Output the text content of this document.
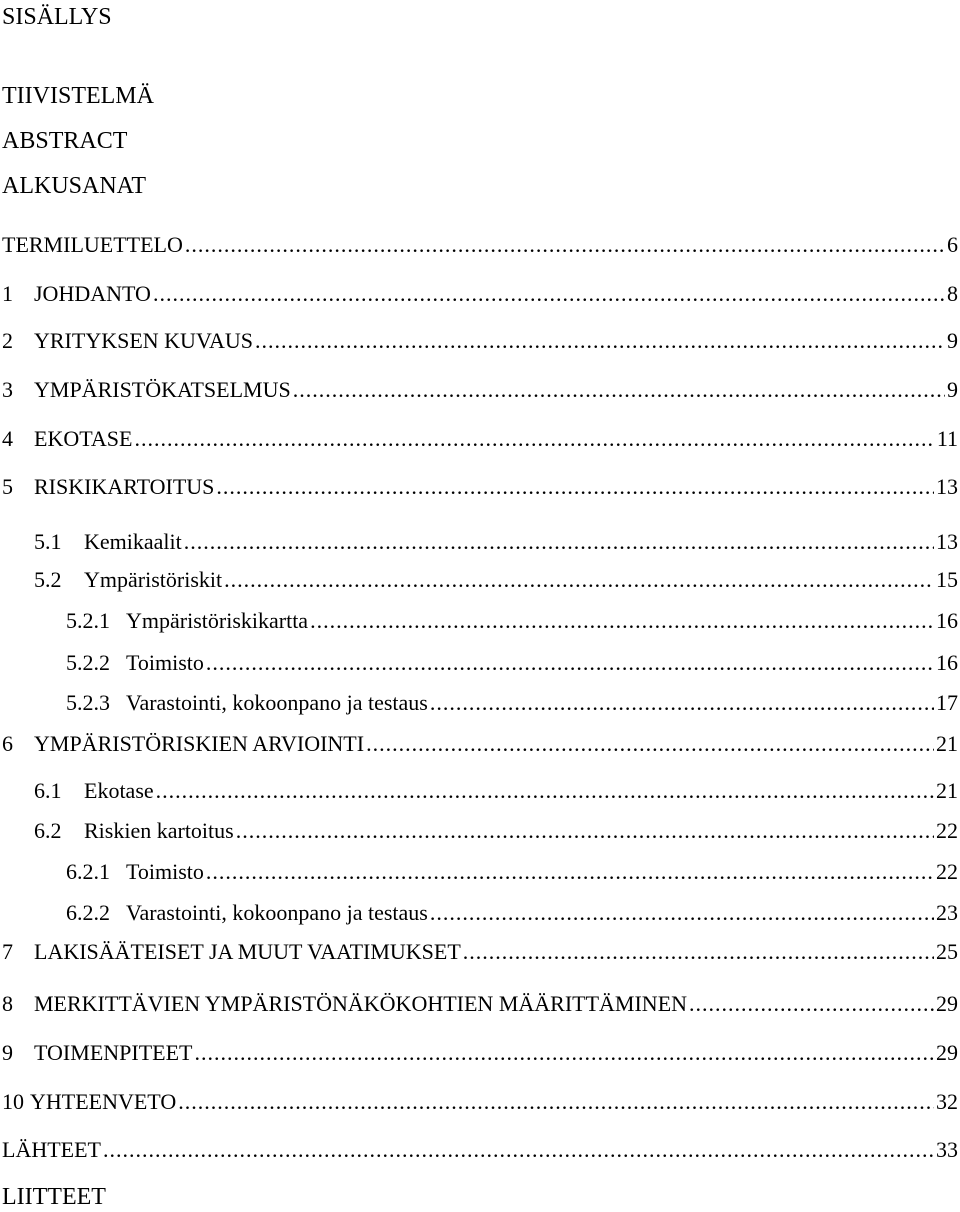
SISÄLLYS
TIIVISTELMÄ
ABSTRACT
ALKUSANAT
TERMILUETTELO .....	6
1 JOHDANTO .....	8
2 YRITYKSEN KUVAUS .....	9
3 YMPÄRISTÖKATSELMUS .....	9
4 EKOTASE .....	11
5 RISKIKARTOITUS .....	13
5.1	Kemikaalit .....	13
5.2	Ympäristöriskit .....	15
5.2.1 Ympäristöriskikartta .....	16
5.2.2 Toimisto .....	16
5.2.3 Varastointi, kokoonpano ja testaus .....	17
6 YMPÄRISTÖRISKIEN ARVIOINTI .....	21
6.1	Ekotase .....	21
6.2	Riskien kartoitus .....	22
6.2.1 Toimisto .....	22
6.2.2 Varastointi, kokoonpano ja testaus .....	23
7 LAKISÄÄTEISET JA MUUT VAATIMUKSET .....	25
8 MERKITTÄVIEN YMPÄRISTÖNÄKÖKOHTIEN MÄÄRITTÄMINEN .....	29
9 TOIMENPITEET .....	29
10 YHTEENVETO .....	32
LÄHTEET .....	33
LIITTEET
